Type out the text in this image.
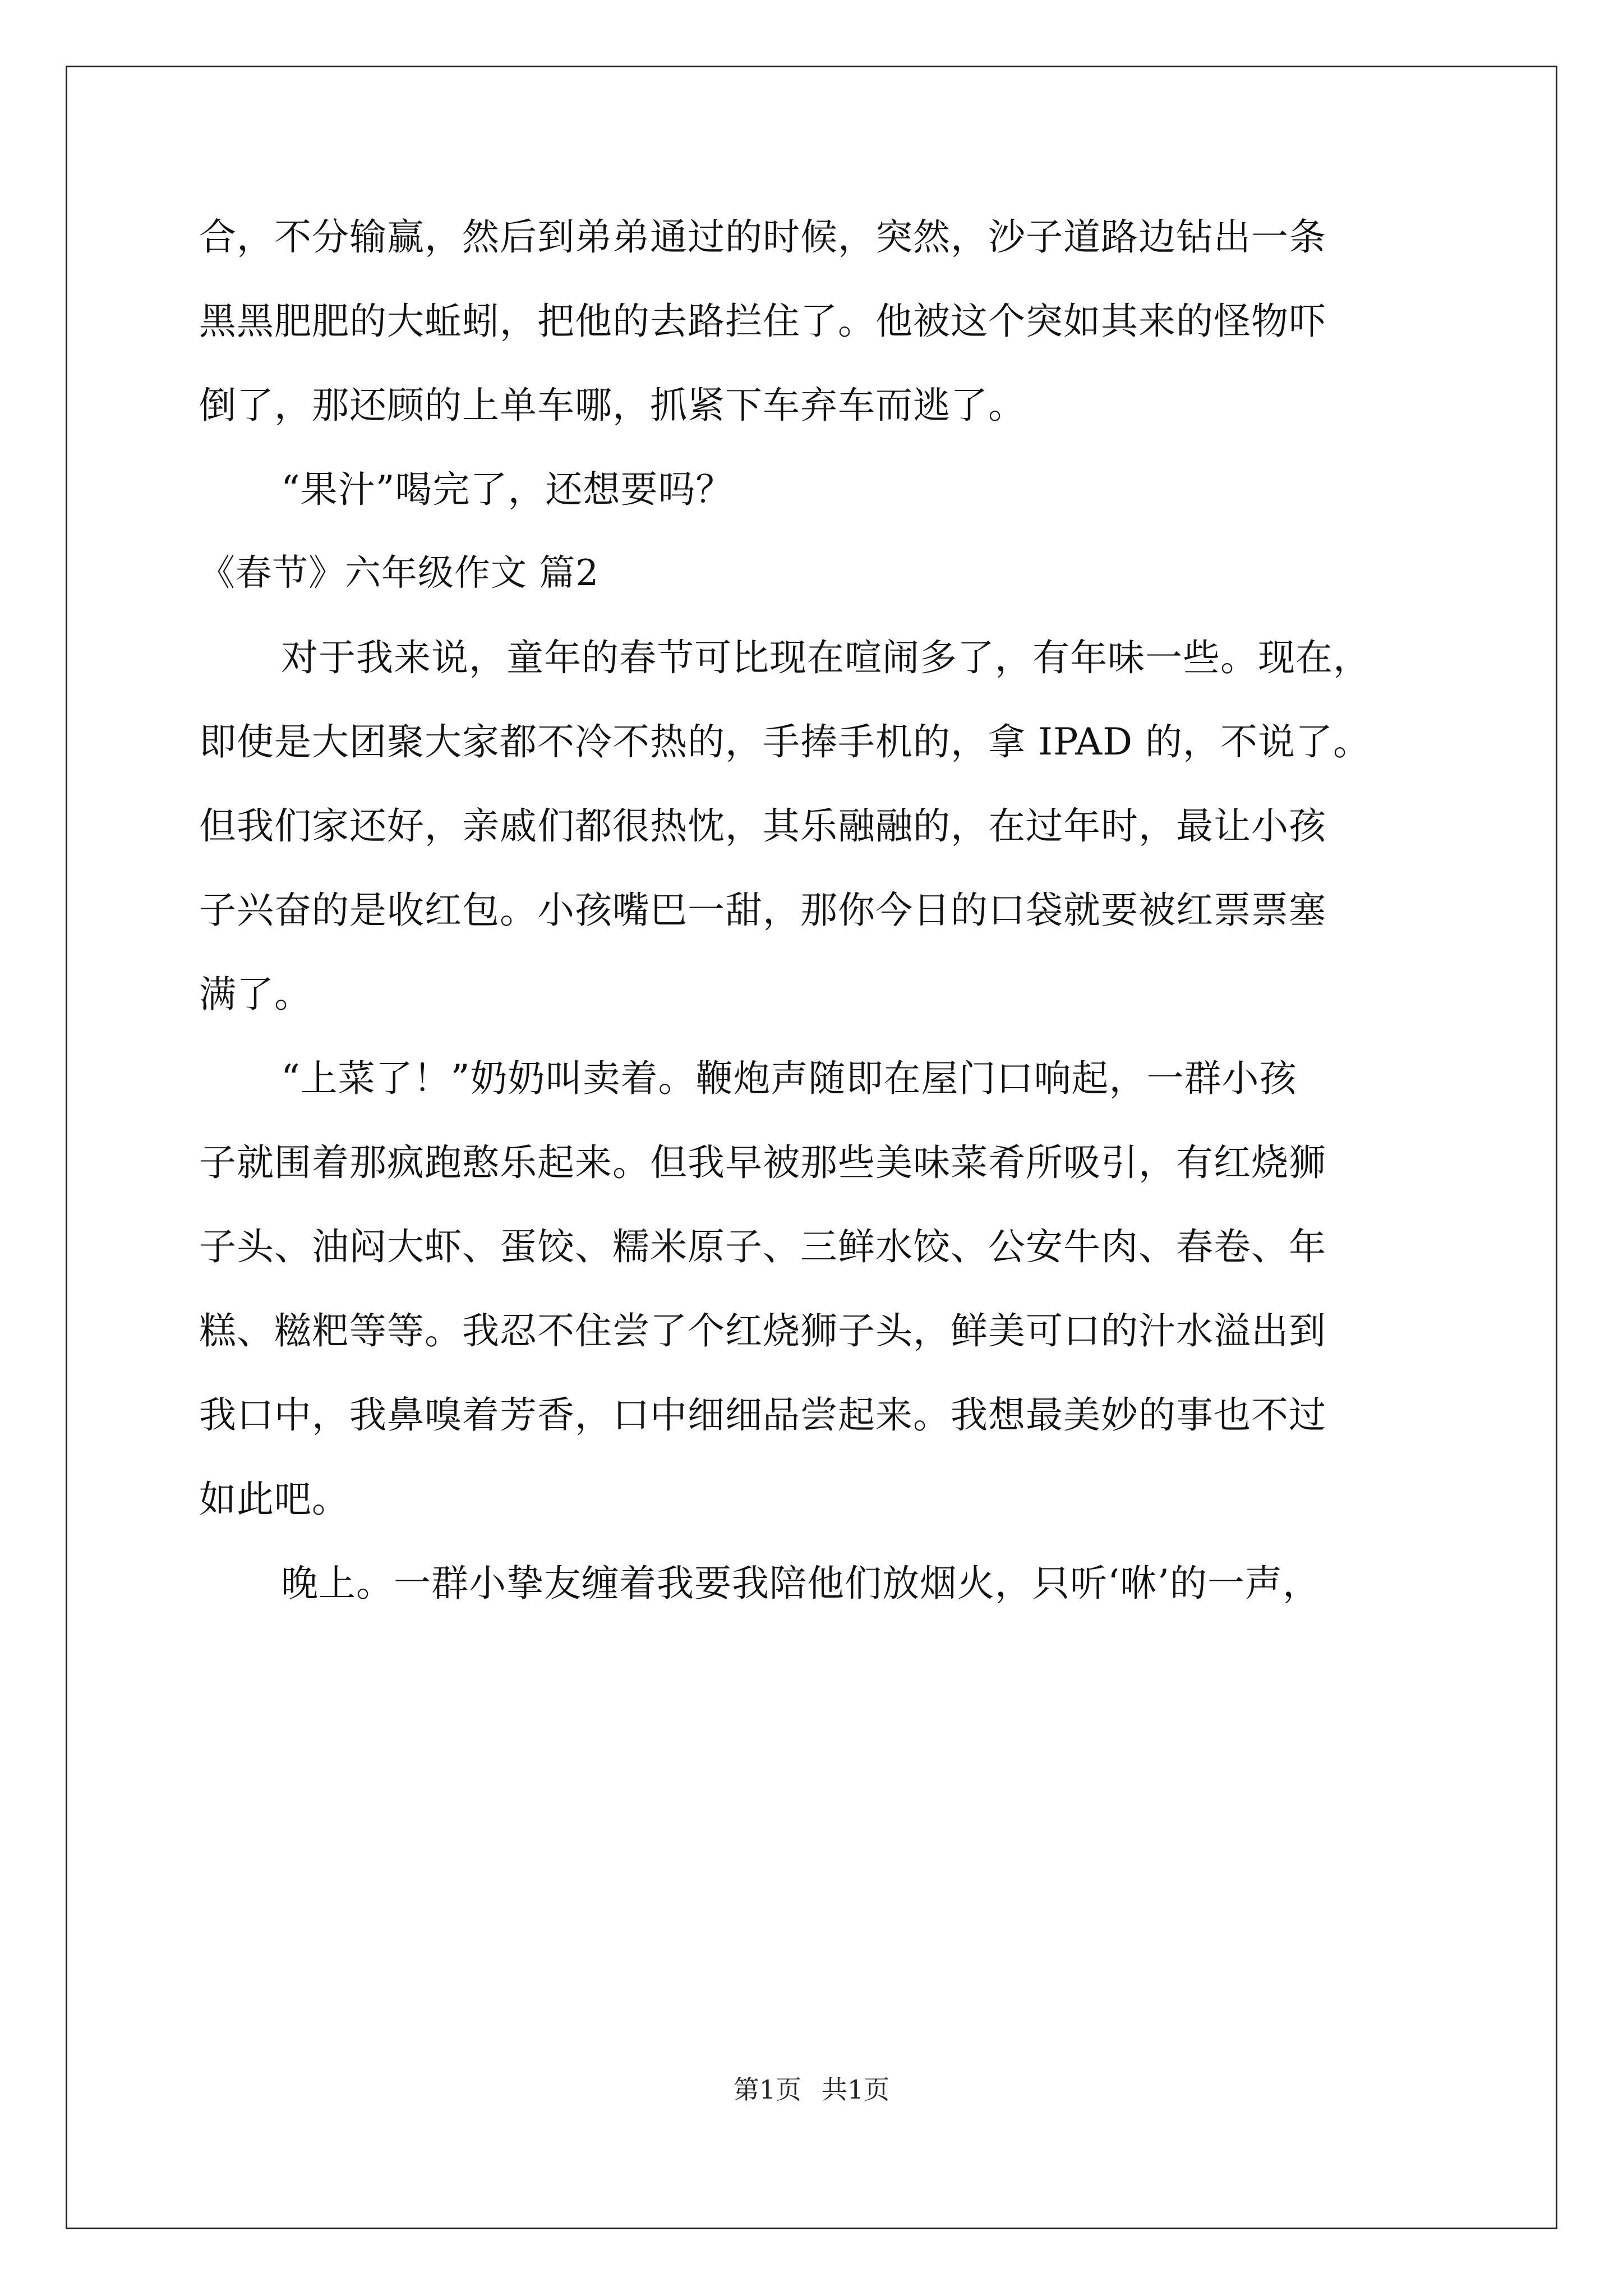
合，不分输赢，然后到弟弟通过的时候，突然，沙子道路边钻出一条
黑黑肥肥的大蚯蚓，把他的去路拦住了。他被这个突如其来的怪物吓
倒了，那还顾的上单车哪，抓紧下车弃车而逃了。
“果汁”喝完了，还想要吗？
《春节》六年级作文 篇2
对于我来说，童年的春节可比现在喧闹多了，有年味一些。现在，
即使是大团聚大家都不冷不热的，手捧手机的，拿 IPAD 的，不说了。
但我们家还好，亲戚们都很热忱，其乐融融的，在过年时，最让小孩
子兴奋的是收红包。小孩嘴巴一甜，那你今日的口袋就要被红票票塞
满了。
“上菜了！”奶奶叫卖着。鞭炮声随即在屋门口响起，一群小孩
子就围着那疯跑憨乐起来。但我早被那些美味菜肴所吸引，有红烧狮
子头、油闷大虾、蛋饺、糯米原子、三鲜水饺、公安牛肉、春卷、年
糕、糍粑等等。我忍不住尝了个红烧狮子头，鲜美可口的汁水溢出到
我口中，我鼻嗅着芳香，口中细细品尝起来。我想最美妙的事也不过
如此吧。
晚上。一群小挚友缠着我要我陪他们放烟火，只听‘咻’的一声，
第1页 共1页
